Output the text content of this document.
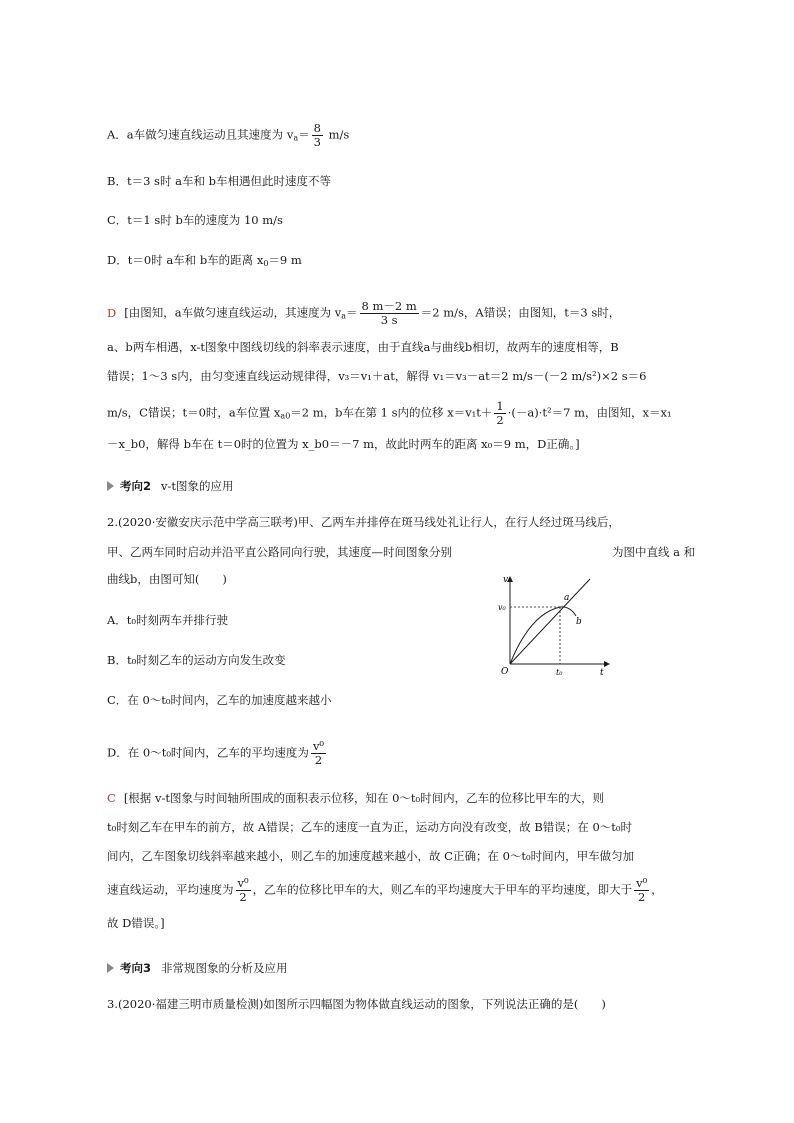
A．a车做匀速直线运动且其速度为 $v_a= \frac{8}{3} m/s$
B．t＝3 s时 a车和 b车相遇但此时速度不等
C．t＝1 s时 b车的速度为 10 m/s
D．t＝0时 a车和 b车的距离 $x_0=9$ m
D [由图知，a车做匀速直线运动，其速度为 $v_a= \frac{8 m-2 m}{3 s} =2$ m/s，A错误；由图知，t＝3 s时，
a、b两车相遇，x-t图象中图线切线的斜率表示速度，由于直线a与曲线b相切，故两车的速度相等，B
错误；1～3 s内，由匀变速直线运动规律得，v₃＝v₁＋at，解得 v₁＝v₃－at＝2 m/s－(－2 m/s²)×2 s＝6
m/s，C错误；t＝0时，a车位置 $x_{a0}=2$ m，b车在第 1 s内的位移 $x=v_1t+ \frac{1}{2} \cdot(-a)\cdot t^2=7$ m，由图知，x＝x₁
－x_b0，解得 b车在 t＝0时的位置为 x_b0＝－7 m，故此时两车的距离 x₀＝9 m，D正确。]
考向2 v-t图象的应用
2.(2020·安徽安庆示范中学高三联考)甲、乙两车并排停在斑马线处礼让行人，在行人经过斑马线后，
甲、乙两车同时启动并沿平直公路同向行驶，其速度—时间图象分别	为图中直线 a 和
曲线b，由图可知(　　)
A．t₀时刻两车并排行驶
B．t₀时刻乙车的运动方向发生改变
C．在 0～t₀时间内，乙车的加速度越来越小
D．在 0～t₀时间内，乙车的平均速度为 $\frac{\text{v⁰}}{2}$
v
t
O
v₀
t₀
a
b
C [根据 v-t图象与时间轴所围成的面积表示位移，知在 0～t₀时间内，乙车的位移比甲车的大，则
t₀时刻乙车在甲车的前方，故 A错误；乙车的速度一直为正，运动方向没有改变，故 B错误；在 0～t₀时
间内，乙车图象切线斜率越来越小，则乙车的加速度越来越小，故 C正确；在 0～t₀时间内，甲车做匀加
速直线运动，平均速度为 $\frac{\text{v⁰}}{2}$ ，乙车的位移比甲车的大，则乙车的平均速度大于甲车的平均速度，即大于 $\frac{\text{v⁰}}{2}$ ，
故 D错误。]
考向3 非常规图象的分析及应用
3.(2020·福建三明市质量检测)如图所示四幅图为物体做直线运动的图象，下列说法正确的是(　　)
